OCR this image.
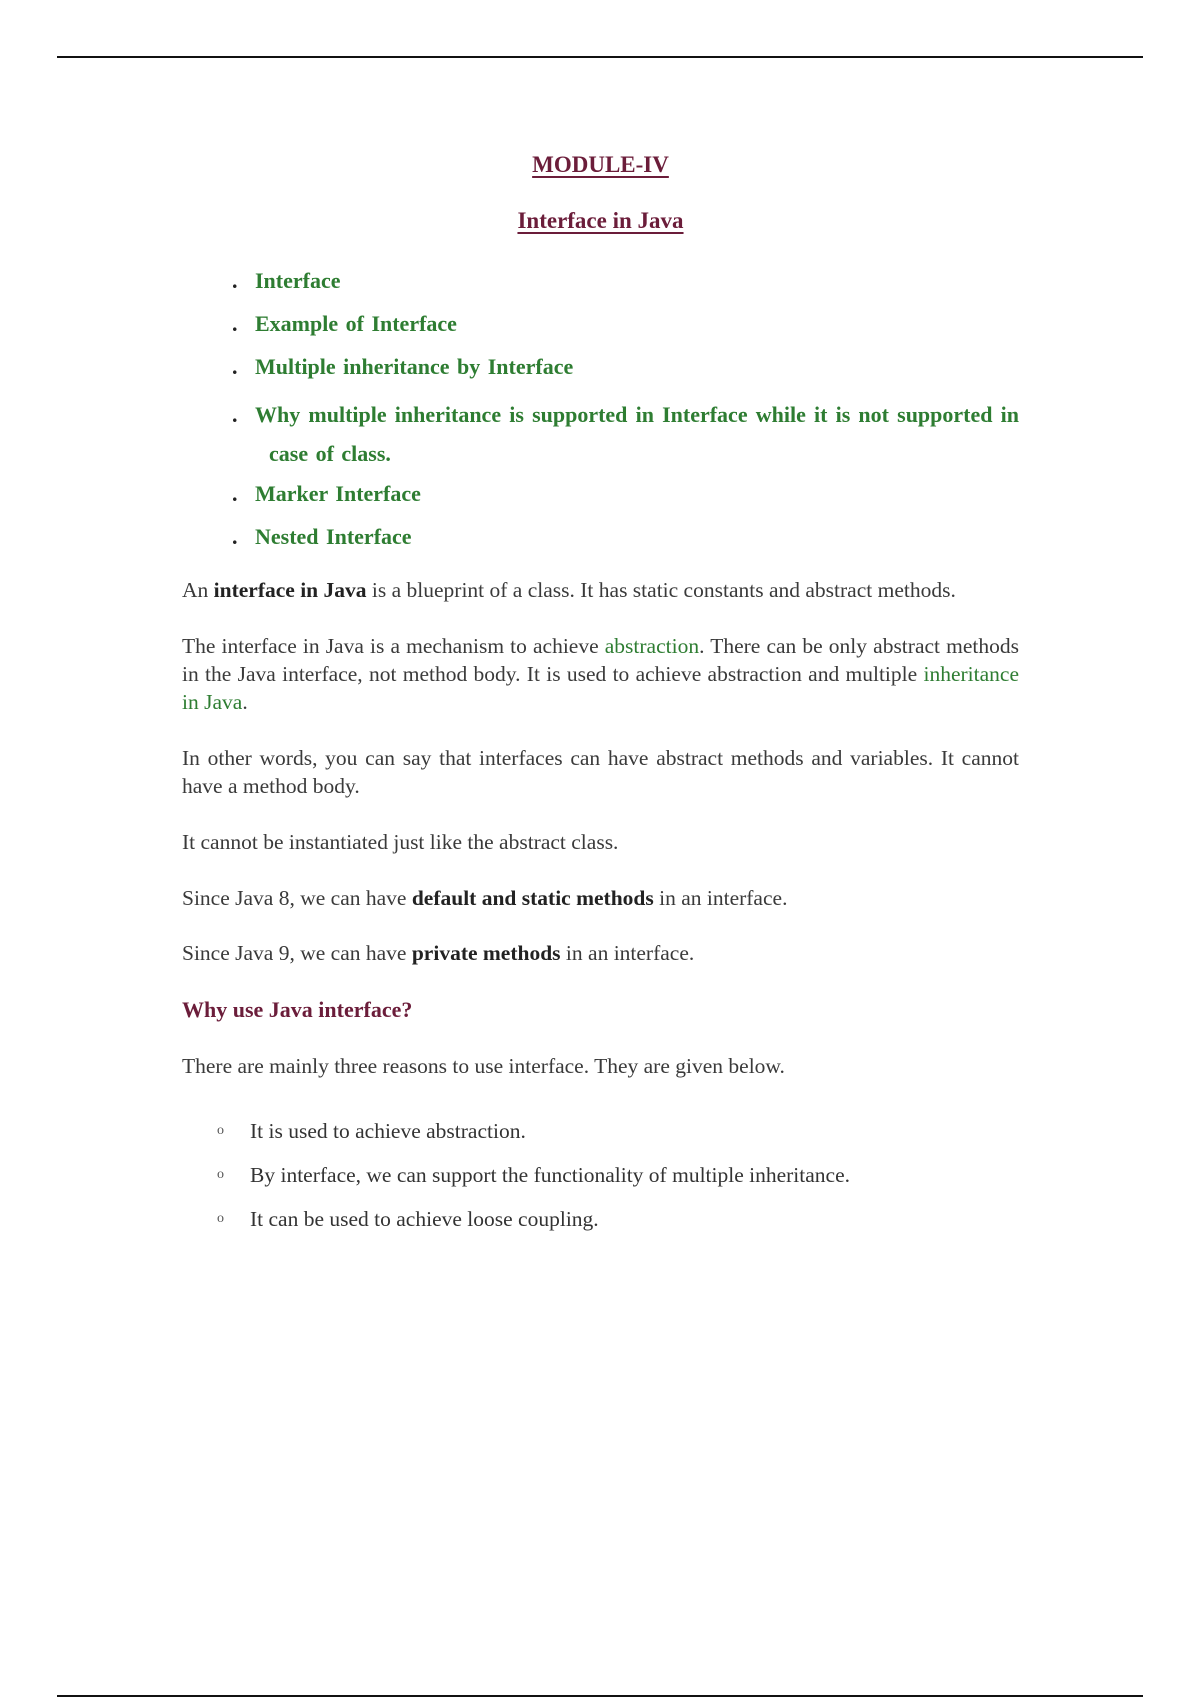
MODULE-IV
Interface in Java
. Interface
. Example of Interface
. Multiple inheritance by Interface
. Why multiple inheritance is supported in Interface while it is not supported in case of class.
. Marker Interface
. Nested Interface

An interface in Java is a blueprint of a class. It has static constants and abstract methods.

The interface in Java is a mechanism to achieve abstraction. There can be only abstract methods in the Java interface, not method body. It is used to achieve abstraction and multiple inheritance in Java.

In other words, you can say that interfaces can have abstract methods and variables. It cannot have a method body.

It cannot be instantiated just like the abstract class.

Since Java 8, we can have default and static methods in an interface.

Since Java 9, we can have private methods in an interface.

Why use Java interface?

There are mainly three reasons to use interface. They are given below.

o It is used to achieve abstraction.
o By interface, we can support the functionality of multiple inheritance.
o It can be used to achieve loose coupling.
